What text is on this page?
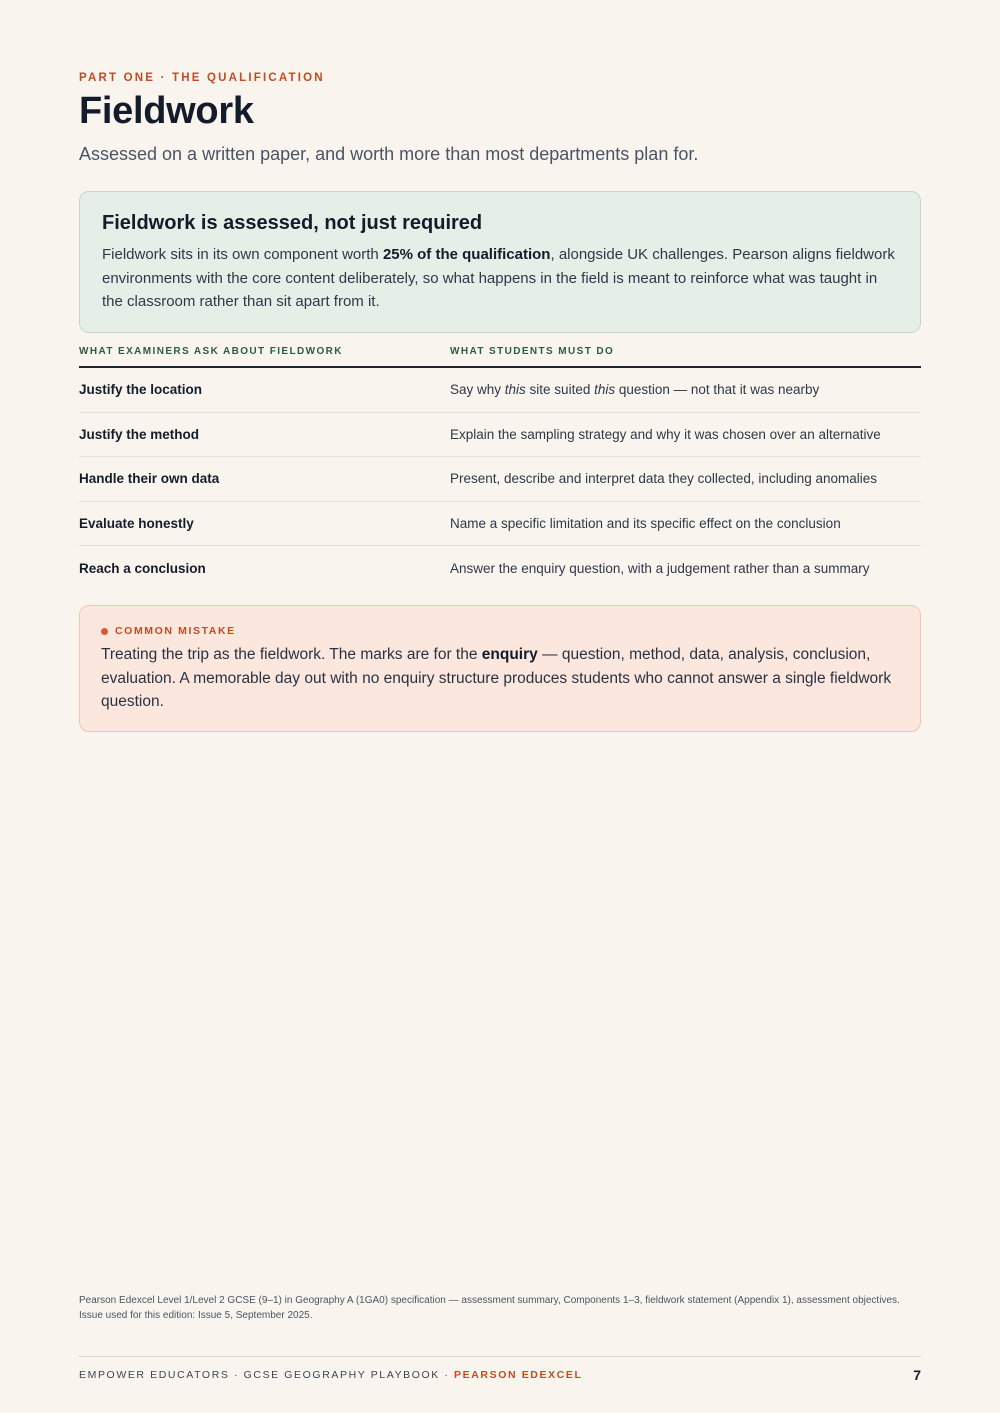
PART ONE · THE QUALIFICATION
Fieldwork
Assessed on a written paper, and worth more than most departments plan for.
Fieldwork is assessed, not just required

Fieldwork sits in its own component worth 25% of the qualification, alongside UK challenges. Pearson aligns fieldwork environments with the core content deliberately, so what happens in the field is meant to reinforce what was taught in the classroom rather than sit apart from it.

WHAT EXAMINERS ASK ABOUT FIELDWORK	WHAT STUDENTS MUST DO
Justify the location	Say why this site suited this question — not that it was nearby
Justify the method	Explain the sampling strategy and why it was chosen over an alternative
Handle their own data	Present, describe and interpret data they collected, including anomalies
Evaluate honestly	Name a specific limitation and its specific effect on the conclusion
Reach a conclusion	Answer the enquiry question, with a judgement rather than a summary
COMMON MISTAKE

Treating the trip as the fieldwork. The marks are for the enquiry — question, method, data, analysis, conclusion, evaluation. A memorable day out with no enquiry structure produces students who cannot answer a single fieldwork question.

Pearson Edexcel Level 1/Level 2 GCSE (9–1) in Geography A (1GA0) specification — assessment summary, Components 1–3, fieldwork statement (Appendix 1), assessment objectives. Issue used for this edition: Issue 5, September 2025.
EMPOWER EDUCATORS · GCSE GEOGRAPHY PLAYBOOK · PEARSON EDEXCEL	7
